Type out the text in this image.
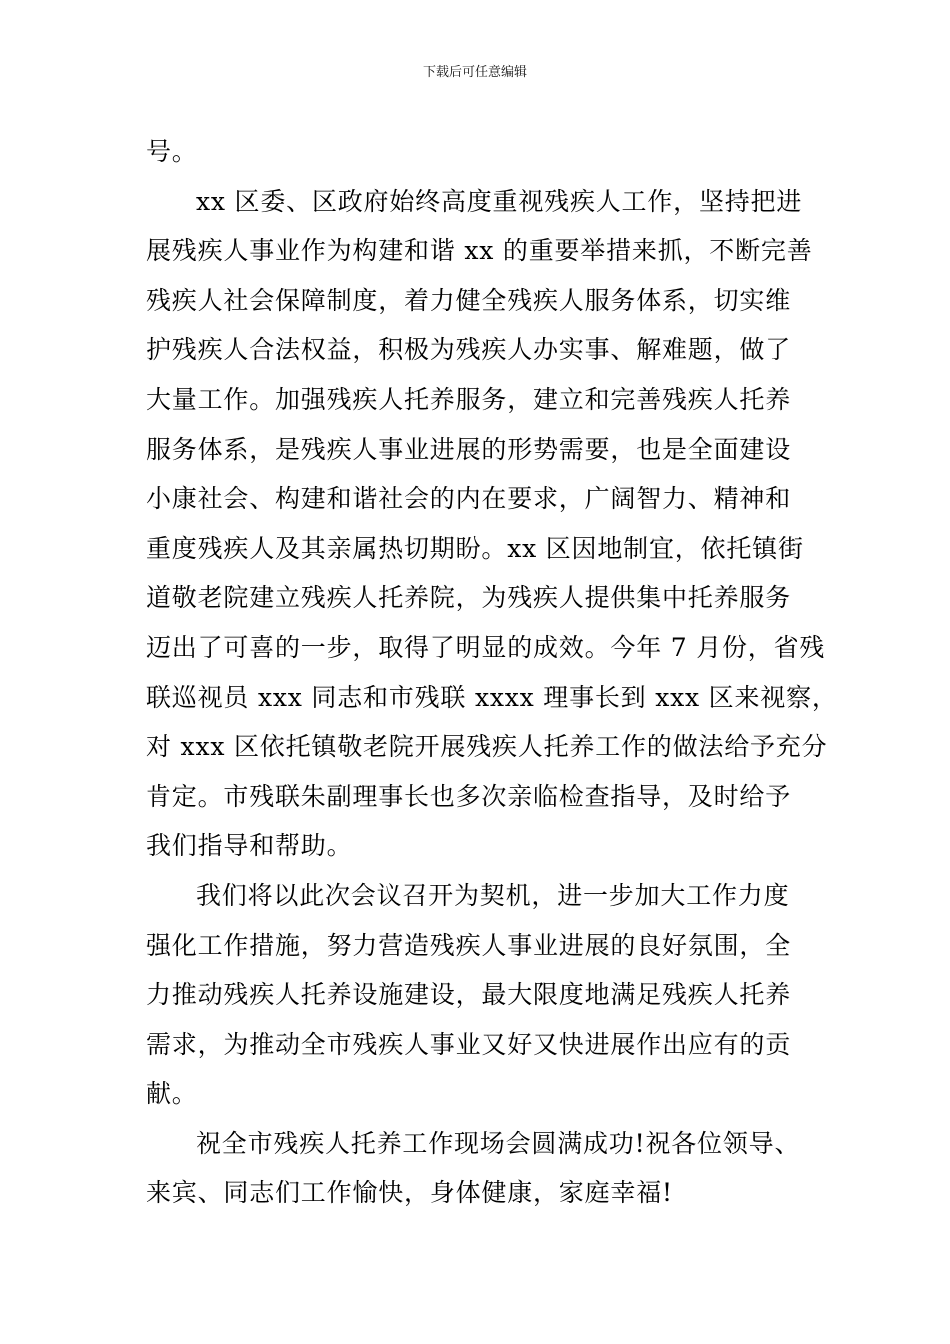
下载后可任意编辑
号。
xx 区委、区政府始终高度重视残疾人工作，坚持把进
展残疾人事业作为构建和谐 xx 的重要举措来抓，不断完善
残疾人社会保障制度，着力健全残疾人服务体系，切实维
护残疾人合法权益，积极为残疾人办实事、解难题，做了
大量工作。加强残疾人托养服务，建立和完善残疾人托养
服务体系，是残疾人事业进展的形势需要，也是全面建设
小康社会、构建和谐社会的内在要求，广阔智力、精神和
重度残疾人及其亲属热切期盼。xx 区因地制宜，依托镇街
道敬老院建立残疾人托养院，为残疾人提供集中托养服务
迈出了可喜的一步，取得了明显的成效。今年 7 月份，省残
联巡视员 xxx 同志和市残联 xxxx 理事长到 xxx 区来视察，
对 xxx 区依托镇敬老院开展残疾人托养工作的做法给予充分
肯定。市残联朱副理事长也多次亲临检查指导，及时给予
我们指导和帮助。
我们将以此次会议召开为契机，进一步加大工作力度
强化工作措施，努力营造残疾人事业进展的良好氛围，全
力推动残疾人托养设施建设，最大限度地满足残疾人托养
需求，为推动全市残疾人事业又好又快进展作出应有的贡
献。
祝全市残疾人托养工作现场会圆满成功!祝各位领导、
来宾、同志们工作愉快，身体健康，家庭幸福!
